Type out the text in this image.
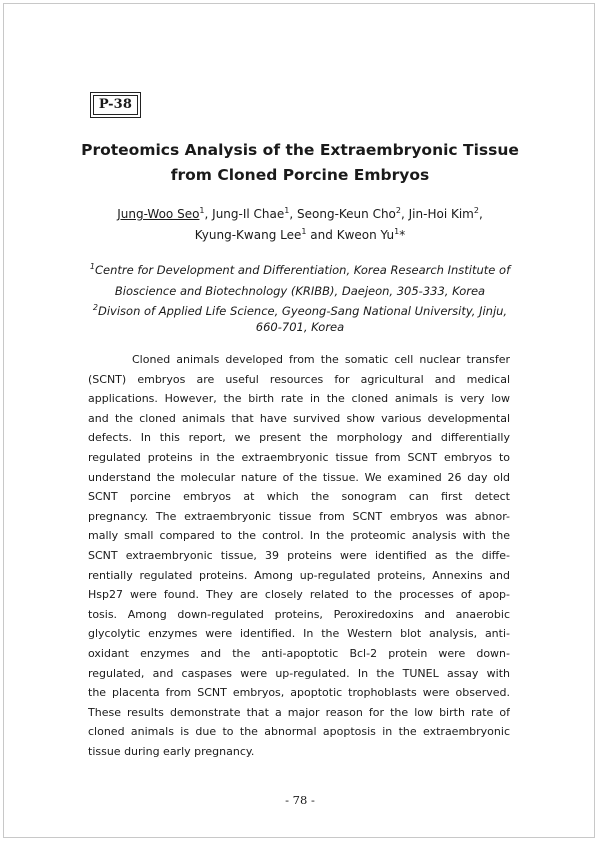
P-38
Proteomics Analysis of the Extraembryonic Tissue
from Cloned Porcine Embryos

Jung-Woo Seo$^1$, Jung-Il Chae$^1$, Seong-Keun Cho$^2$, Jin-Hoi Kim$^2$,

Kyung-Kwang Lee$^1$ and Kweon Yu$^1$*

$^1$Centre for Development and Differentiation, Korea Research Institute of

Bioscience and Biotechnology (KRIBB), Daejeon, 305-333, Korea

$^2$Divison of Applied Life Science, Gyeong-Sang National University, Jinju,

660-701, Korea

Cloned animals developed from the somatic cell nuclear transfer
(SCNT) embryos are useful resources for agricultural and medical
applications. However, the birth rate in the cloned animals is very low
and the cloned animals that have survived show various developmental
defects. In this report, we present the morphology and differentially
regulated proteins in the extraembryonic tissue from SCNT embryos to
understand the molecular nature of the tissue. We examined 26 day old
SCNT porcine embryos at which the sonogram can first detect
pregnancy. The extraembryonic tissue from SCNT embryos was abnor-
mally small compared to the control. In the proteomic analysis with the
SCNT extraembryonic tissue, 39 proteins were identified as the diffe-
rentially regulated proteins. Among up-regulated proteins, Annexins and
Hsp27 were found. They are closely related to the processes of apop-
tosis. Among down-regulated proteins, Peroxiredoxins and anaerobic
glycolytic enzymes were identified. In the Western blot analysis, anti-
oxidant enzymes and the anti-apoptotic Bcl-2 protein were down-
regulated, and caspases were up-regulated. In the TUNEL assay with
the placenta from SCNT embryos, apoptotic trophoblasts were observed.
These results demonstrate that a major reason for the low birth rate of
cloned animals is due to the abnormal apoptosis in the extraembryonic
tissue during early pregnancy.

- 78 -
